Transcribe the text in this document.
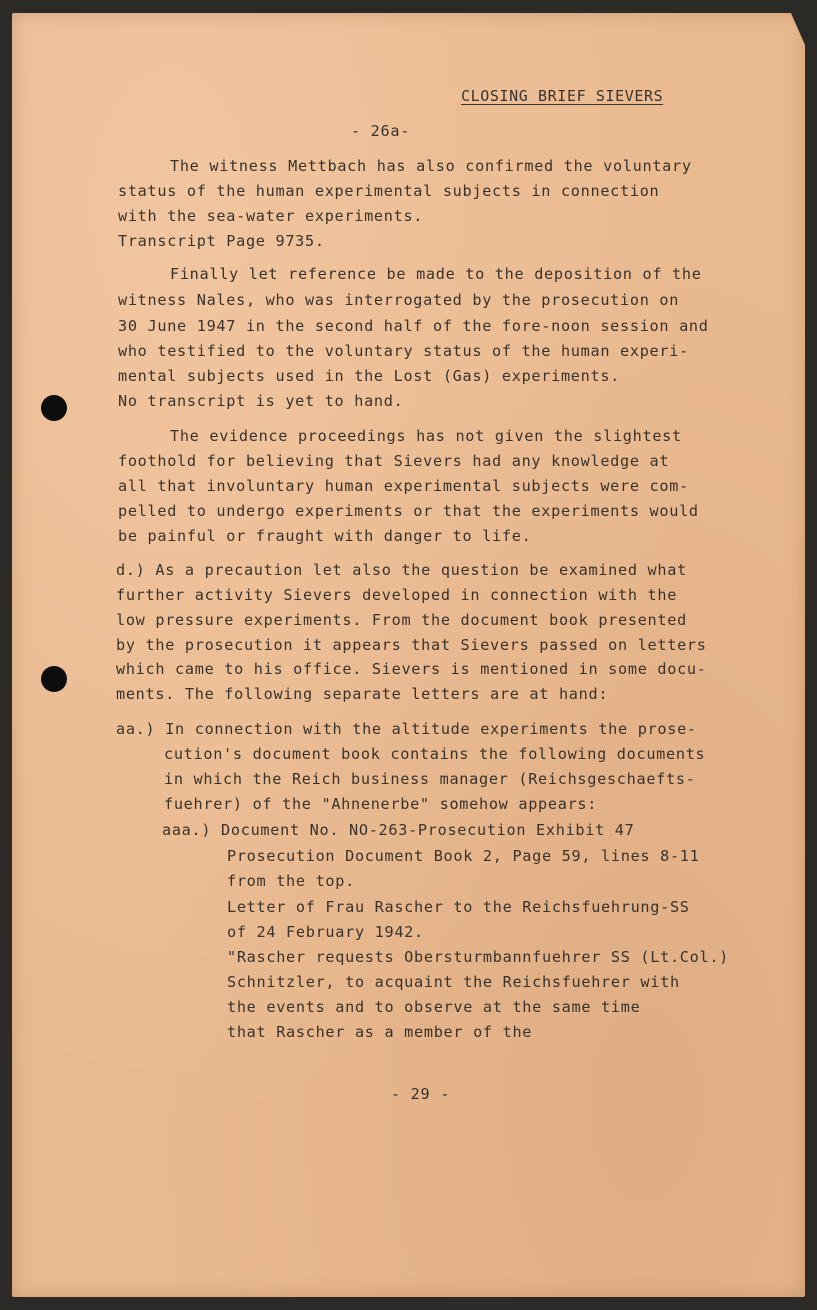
CLOSING BRIEF SIEVERS
- 26a-

The witness Mettbach has also confirmed the voluntary

status of the human experimental subjects in connection

with the sea-water experiments.

Transcript Page 9735.

Finally let reference be made to the deposition of the

witness Nales, who was interrogated by the prosecution on

30 June 1947 in the second half of the fore-noon session and

who testified to the voluntary status of the human experi-

mental subjects used in the Lost (Gas) experiments.

No transcript is yet to hand.

The evidence proceedings has not given the slightest

foothold for believing that Sievers had any knowledge at

all that involuntary human experimental subjects were com-

pelled to undergo experiments or that the experiments would

be painful or fraught with danger to life.

d.) As a precaution let also the question be examined what

further activity Sievers developed in connection with the

low pressure experiments. From the document book presented

by the prosecution it appears that Sievers passed on letters

which came to his office. Sievers is mentioned in some docu-

ments. The following separate letters are at hand:

aa.) In connection with the altitude experiments the prose-

cution's document book contains the following documents

in which the Reich business manager (Reichsgeschaefts-

fuehrer) of the "Ahnenerbe" somehow appears:

aaa.) Document No. NO-263-Prosecution Exhibit 47

Prosecution Document Book 2, Page 59, lines 8-11

from the top.

Letter of Frau Rascher to the Reichsfuehrung-SS

of 24 February 1942.

"Rascher requests Obersturmbannfuehrer SS (Lt.Col.)

Schnitzler, to acquaint the Reichsfuehrer with

the events and to observe at the same time

that Rascher as a member of the

- 29 -
